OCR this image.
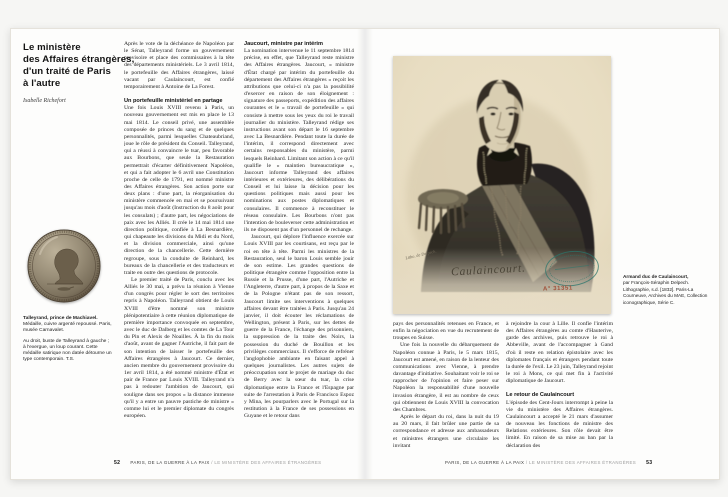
Le ministère
des Affaires étrangères,
d'un traité de Paris
à l'autre
Isabelle Richefort
Talleyrand, prince de Machiavel. Médaille, cuivre argenté repoussé. Paris, musée Carnavalet.
Au droit, buste de Talleyrand à gauche ; à l'exergue, un loup courant. Cette médaille satirique non datée détourne un type contemporain. T.S.

Après le vote de la déchéance de Napoléon par le Sénat, Talleyrand forme un gouvernement provisoire et place des commissaires à la tête des départements ministériels. Le 3 avril 1814, le portefeuille des Affaires étrangères, laissé vacant par Caulaincourt, est confié temporairement à Antoine de La Forest.

Un portefeuille ministériel en partage

Une fois Louis XVIII revenu à Paris, un nouveau gouvernement est mis en place le 13 mai 1814. Le conseil privé, une assemblée composée de princes du sang et de quelques personnalités, parmi lesquelles Chateaubriand, joue le rôle de président du Conseil. Talleyrand, qui a réussi à convaincre le tsar, peu favorable aux Bourbons, que seule la Restauration permettrait d'écarter définitivement Napoléon, et qui a fait adopter le 6 avril une Constitution proche de celle de 1791, est nommé ministre des Affaires étrangères. Son action porte sur deux plans : d'une part, la réorganisation du ministère commencée en mai et se poursuivant jusqu'au mois d'août (Instruction du 8 août pour les consulats) ; d'autre part, les négociations de paix avec les Alliés. Il crée le 14 mai 1814 une direction politique, confiée à La Besnardière, qui chapeaute les divisions du Midi et du Nord, et la division commerciale, ainsi qu'une direction de la chancellerie. Cette dernière regroupe, sous la conduite de Reinhard, les bureaux de la chancellerie et des traducteurs et traite en outre des questions de protocole.

Le premier traité de Paris, conclu avec les Alliés le 30 mai, a prévu la réunion à Vienne d'un congrès pour régler le sort des territoires repris à Napoléon. Talleyrand obtient de Louis XVIII d'être nommé son ministre plénipotentiaire à cette réunion diplomatique de première importance convoquée en septembre, avec le duc de Dalberg et les comtes de La Tour du Pin et Alexis de Noailles. À la fin du mois d'août, avant de gagner l'Autriche, il fait part de son intention de laisser le portefeuille des Affaires étrangères à Jaucourt. Ce dernier, ancien membre du gouvernement provisoire du 1er avril 1814, a été nommé ministre d'État et pair de France par Louis XVIII. Talleyrand n'a pas à redouter l'ambition de Jaucourt, qui souligne dans ses propos « la distance immense qu'il y a entre un pauvre pastiche de ministre » comme lui et le premier diplomate du congrès européen.

Jaucourt, ministre par intérim

La nomination intervenue le 11 septembre 1814 précise, en effet, que Talleyrand reste ministre des Affaires étrangères. Jaucourt, « ministre d'État chargé par intérim du portefeuille du département des Affaires étrangères » reçoit les attributions que celui-ci n'a pas la possibilité d'exercer en raison de son éloignement : signature des passeports, expédition des affaires courantes et le « travail de portefeuille » qui consiste à mettre sous les yeux du roi le travail journalier du ministère. Talleyrand rédige ses instructions avant son départ le 16 septembre avec La Besnardière. Pendant toute la durée de l'intérim, il correspond directement avec certains responsables du ministère, parmi lesquels Reinhard. Limitant son action à ce qu'il qualifie le « maintien bureaucratique », Jaucourt informe Talleyrand des affaires intérieures et extérieures, des délibérations du Conseil et lui laisse la décision pour les questions politiques mais aussi pour les nominations aux postes diplomatiques et consulaires. Il commence à reconstituer le réseau consulaire. Les Bourbons n'ont pas l'intention de bouleverser cette administration et ils ne disposent pas d'un personnel de rechange.

Jaucourt, qui déplore l'influence exercée sur Louis XVIII par les courtisans, est reçu par le roi en tête à tête. Parmi les ministres de la Restauration, seul le baron Louis semble jouir de son estime. Les grandes questions de politique étrangère comme l'opposition entre la Russie et la Prusse, d'une part, l'Autriche et l'Angleterre, d'autre part, à propos de la Saxe et de la Pologne n'étant pas de son ressort, Jaucourt limite ses interventions à quelques affaires devant être traitées à Paris. Jusqu'au 24 janvier, il doit écouter les réclamations de Wellington, présent à Paris, sur les dettes de guerre de la France, l'échange des prisonniers, la suppression de la traite des Noirs, la possession du duché de Bouillon et les privilèges commerciaux. Il s'efforce de refréner l'anglophobie ambiante en faisant appel à quelques journalistes. Les autres sujets de préoccupation sont le projet de mariage du duc de Berry avec la sœur du tsar, la crise diplomatique entre la France et l'Espagne par suite de l'arrestation à Paris de Francisco Espoz y Mina, les pourparlers avec le Portugal sur la restitution à la France de ses possessions en Guyane et le retour dans

52 PARIS, DE LA GUERRE À LA PAIX / LE MINISTÈRE DES AFFAIRES ÉTRANGÈRES
Litho. de Delpech.
Caulaincourt.
A° 31351
Armand duc de Caulaincourt,
par François-Séraphin Delpech. Lithographie, s.d. [1832]. Paris-La Courneuve, Archives du MAE, Collection iconographique, Série C.

pays des personnalités retenues en France, et enfin la négociation en vue du recrutement de troupes en Suisse.

Une fois la nouvelle du débarquement de Napoléon connue à Paris, le 5 mars 1815, Jaucourt est amené, en raison de la lenteur des communications avec Vienne, à prendre davantage d'initiative. Souhaitant voir le roi se rapprocher de l'opinion et faire peser sur Napoléon la responsabilité d'une nouvelle invasion étrangère, il est au nombre de ceux qui obtiennent de Louis XVIII la convocation des Chambres.

Après le départ du roi, dans la nuit du 19 au 20 mars, il fait brûler une partie de sa correspondance et adresse aux ambassadeurs et ministres étrangers une circulaire les invitant

à rejoindre la cour à Lille. Il confie l'intérim des Affaires étrangères au comte d'Hauterive, garde des archives, puis retrouve le roi à Abbeville, avant de l'accompagner à Gand d'où il reste en relation épistolaire avec les diplomates français et étrangers pendant toute la durée de l'exil. Le 23 juin, Talleyrand rejoint le roi à Mons, ce qui met fin à l'activité diplomatique de Jaucourt.

Le retour de Caulaincourt

L'épisode des Cent-Jours interrompt à peine la vie du ministère des Affaires étrangères. Caulaincourt a accepté le 21 mars d'assumer de nouveau les fonctions de ministre des Relations extérieures. Son rôle devait être limité. En raison de sa mise au ban par la déclaration des

PARIS, DE LA GUERRE À LA PAIX / LE MINISTÈRE DES AFFAIRES ÉTRANGÈRES 53
